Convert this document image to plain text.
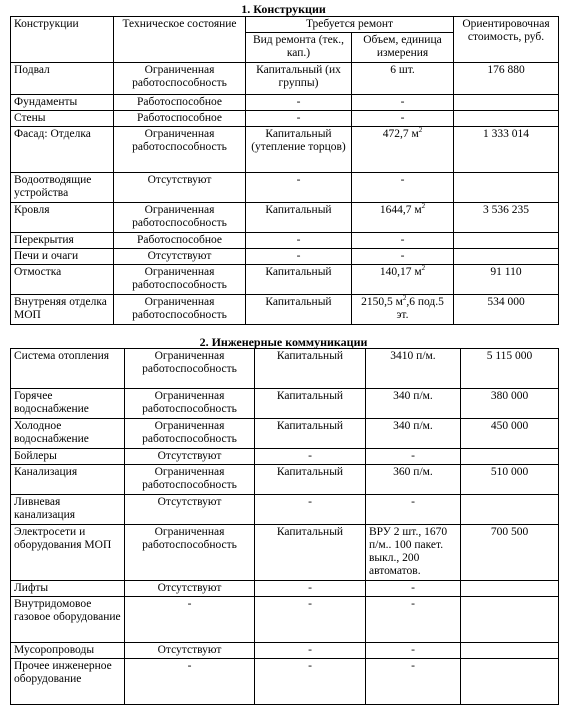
1. Конструкции
Конструкции	Техническое состояние	Требуется ремонт		Ориентировочная стоимость, руб.
		Вид ремонта (тек., кап.)	Объем, единица измерения	
Подвал	Ограниченная работоспособность	Капитальный (их группы)	6 шт.	176 880
Фундаменты	Работоспособное	-	-	
Стены	Работоспособное	-	-	
Фасад: Отделка	Ограниченная работоспособность	Капитальный (утепление торцов)	472,7 $м^2$	1 333 014
Водоотводящие устройства	Отсутствуют	-	-	
Кровля	Ограниченная работоспособность	Капитальный	1644,7 $м^2$	3 536 235
Перекрытия	Работоспособное	-	-	
Печи и очаги	Отсутствуют	-	-	
Отмостка	Ограниченная работоспособность	Капитальный	140,17 $м^2$	91 110
Внутреняя отделка МОП	Ограниченная работоспособность	Капитальный	2150,5 $м^2,6$ под.5 эт.	534 000
2. Инженерные коммуникации
Система отопления	Ограниченная работоспособность	Капитальный	3410 п/м.	5 115 000
Горячее водоснабжение	Ограниченная работоспособность	Капитальный	340 п/м.	380 000
Холодное водоснабжение	Ограниченная работоспособность	Капитальный	340 п/м.	450 000
Бойлеры	Отсутствуют	-	-	
Канализация	Ограниченная работоспособность	Капитальный	360 п/м.	510 000
Ливневая канализация	Отсутствуют	-	-	
Электросети и оборудования МОП	Ограниченная работоспособность	Капитальный	ВРУ 2 шт., 1670 п/м.. 100 пакет. выкл., 200 автоматов.	700 500
Лифты	Отсутствуют	-	-	
Внутридомовое газовое оборудование	-	-	-	
Мусоропроводы	Отсутствуют	-	-	
Прочее инженерное оборудование	-	-	-	
